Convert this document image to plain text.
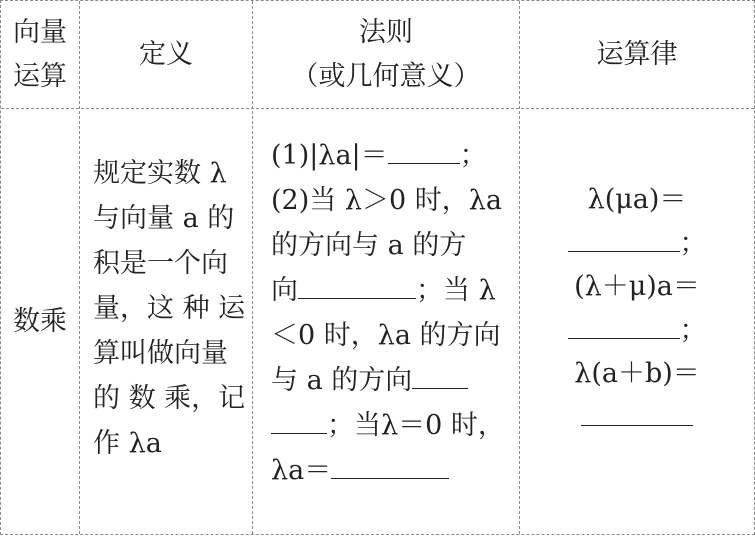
向量
运算
定义
法则
（或几何意义）
运算律
数乘
规定实数 λ
与向量 a 的
积是一个向
量，这 种 运
算叫做向量
的 数 乘，记
作 λa
(1)|λa|＝	；
(2)当 λ＞0 时，λa
的方向与 a 的方
向	；当 λ
＜0 时，λa 的方向
与 a 的方向
；当λ＝0 时，
λa＝
λ(μa)＝
；
(λ＋μ)a＝
；
λ(a＋b)＝
